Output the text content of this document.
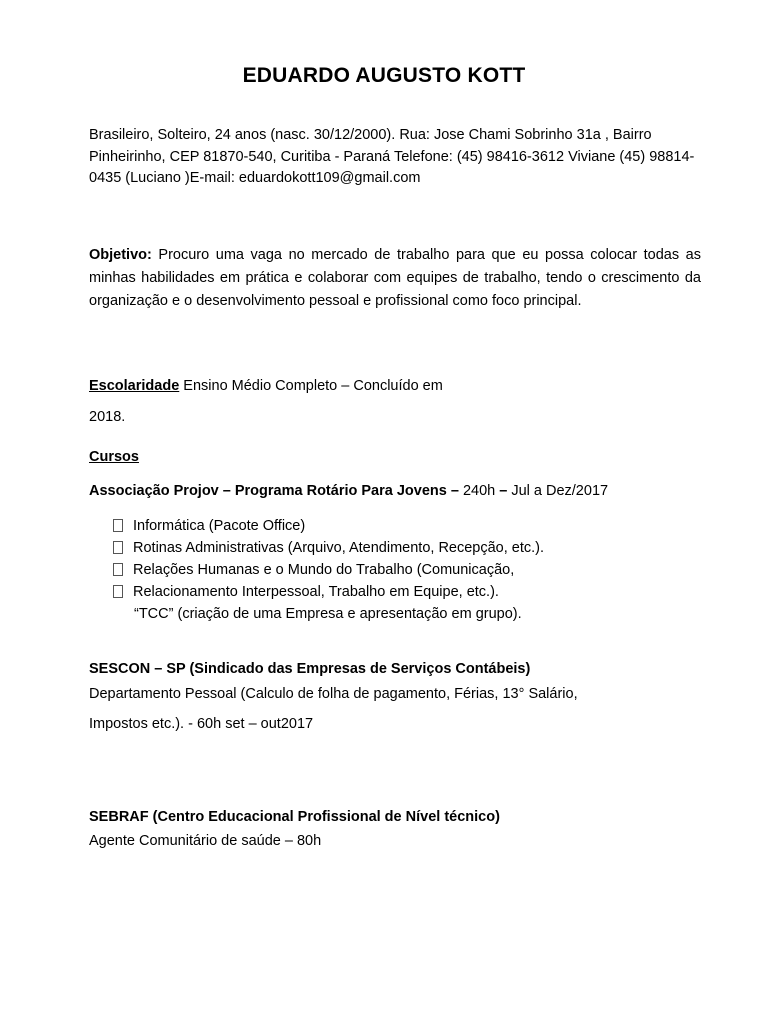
EDUARDO AUGUSTO KOTT
Brasileiro, Solteiro, 24 anos (nasc. 30/12/2000). Rua: Jose Chami Sobrinho 31a , Bairro Pinheirinho, CEP 81870-540, Curitiba - Paraná Telefone: (45) 98416-3612 Viviane (45) 98814-0435 (Luciano )E-mail: eduardokott109@gmail.com
Objetivo: Procuro uma vaga no mercado de trabalho para que eu possa colocar todas as minhas habilidades em prática e colaborar com equipes de trabalho, tendo o crescimento da organização e o desenvolvimento pessoal e profissional como foco principal.
Escolaridade Ensino Médio Completo – Concluído em
2018.
Cursos
Associação Projov – Programa Rotário Para Jovens – 240h – Jul a Dez/2017
Informática (Pacote Office)
Rotinas Administrativas (Arquivo, Atendimento, Recepção, etc.).
Relações Humanas e o Mundo do Trabalho (Comunicação,
Relacionamento Interpessoal, Trabalho em Equipe, etc.).
“TCC” (criação de uma Empresa e apresentação em grupo).
SESCON – SP (Sindicado das Empresas de Serviços Contábeis)
Departamento Pessoal (Calculo de folha de pagamento, Férias, 13° Salário,
Impostos etc.). - 60h set – out2017
SEBRAF (Centro Educacional Profissional de Nível técnico)
Agente Comunitário de saúde – 80h
